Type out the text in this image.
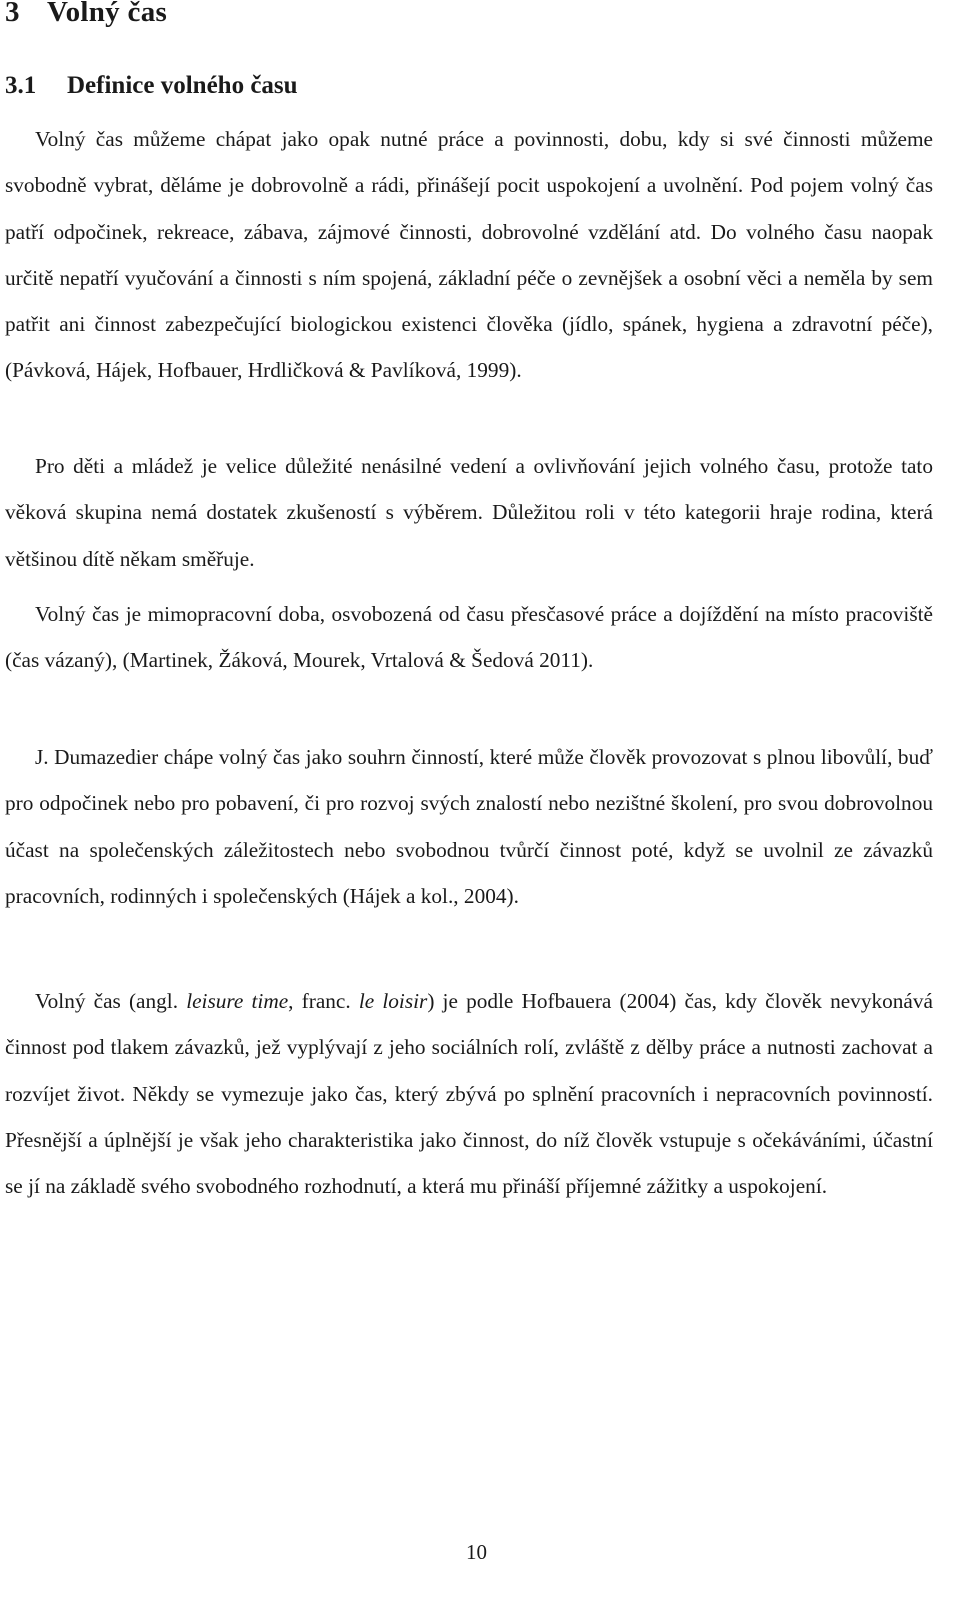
3 Volný čas
3.1 Definice volného času

Volný čas můžeme chápat jako opak nutné práce a povinnosti, dobu, kdy si své činnosti můžeme svobodně vybrat, děláme je dobrovolně a rádi, přinášejí pocit uspokojení a uvolnění. Pod pojem volný čas patří odpočinek, rekreace, zábava, zájmové činnosti, dobrovolné vzdělání atd. Do volného času naopak určitě nepatří vyučování a činnosti s ním spojená, základní péče o zevnějšek a osobní věci a neměla by sem patřit ani činnost zabezpečující biologickou existenci člověka (jídlo, spánek, hygiena a zdravotní péče), (Pávková, Hájek, Hofbauer, Hrdličková & Pavlíková, 1999).

Pro děti a mládež je velice důležité nenásilné vedení a ovlivňování jejich volného času, protože tato věková skupina nemá dostatek zkušeností s výběrem. Důležitou roli v této kategorii hraje rodina, která většinou dítě někam směřuje.

Volný čas je mimopracovní doba, osvobozená od času přesčasové práce a dojíždění na místo pracoviště (čas vázaný), (Martinek, Žáková, Mourek, Vrtalová & Šedová 2011).

J. Dumazedier chápe volný čas jako souhrn činností, které může člověk provozovat s plnou libovůlí, buď pro odpočinek nebo pro pobavení, či pro rozvoj svých znalostí nebo nezištné školení, pro svou dobrovolnou účast na společenských záležitostech nebo svobodnou tvůrčí činnost poté, když se uvolnil ze závazků pracovních, rodinných i společenských (Hájek a kol., 2004).

Volný čas (angl. leisure time, franc. le loisir) je podle Hofbauera (2004) čas, kdy člověk nevykonává činnost pod tlakem závazků, jež vyplývají z jeho sociálních rolí, zvláště z dělby práce a nutnosti zachovat a rozvíjet život. Někdy se vymezuje jako čas, který zbývá po splnění pracovních i nepracovních povinností. Přesnější a úplnější je však jeho charakteristika jako činnost, do níž člověk vstupuje s očekáváními, účastní se jí na základě svého svobodného rozhodnutí, a která mu přináší příjemné zážitky a uspokojení.

10
